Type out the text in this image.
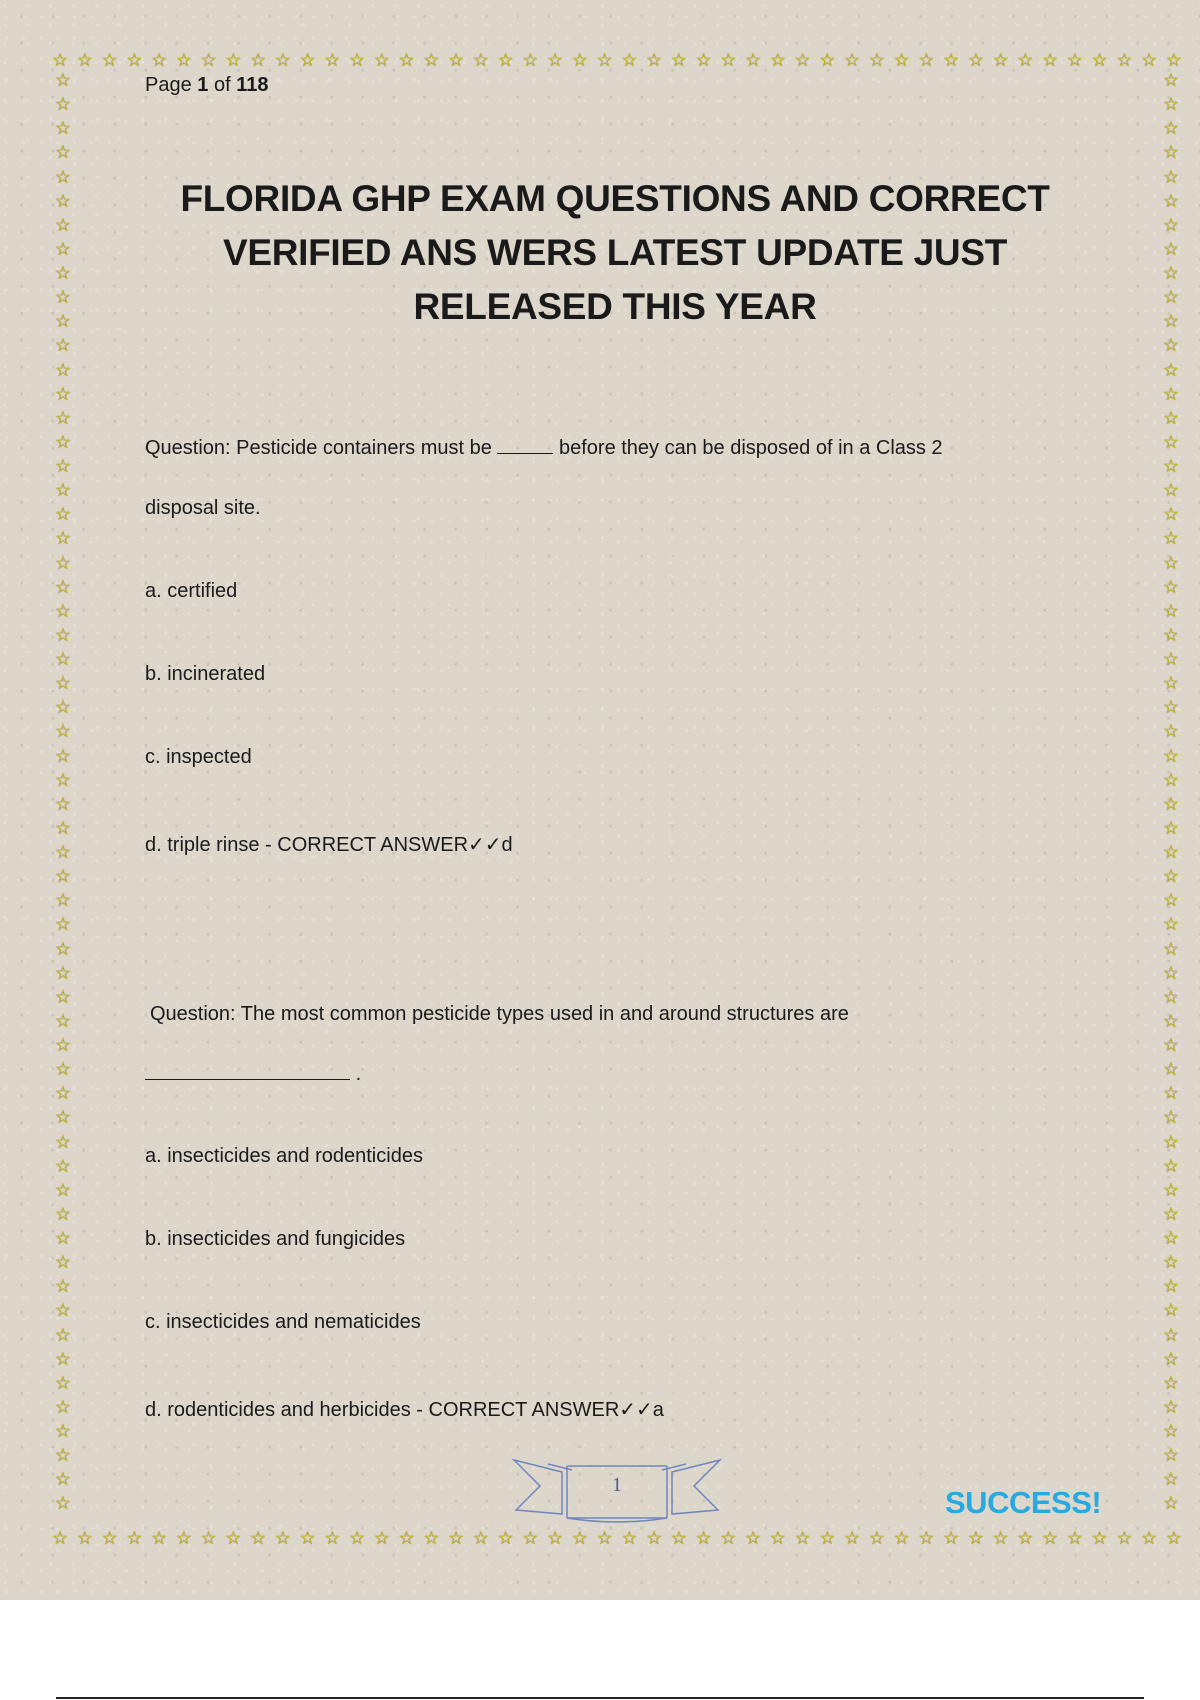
☆ ☆ ☆ ☆ ☆ ☆ ☆ ☆ ☆ ☆ ☆ ☆ ☆ ☆ ☆ ☆ ☆ ☆ ☆ ☆ ☆ ☆ ☆ ☆ ☆ ☆ ☆ ☆ ☆ ☆ ☆ ☆ ☆ ☆ ☆ ☆ ☆ ☆ ☆ ☆ ☆ ☆ ☆ ☆ ☆ ☆
☆ ☆ ☆ ☆ ☆ ☆ ☆ ☆ ☆ ☆ ☆ ☆ ☆ ☆ ☆ ☆ ☆ ☆ ☆ ☆ ☆ ☆ ☆ ☆ ☆ ☆ ☆ ☆ ☆ ☆ ☆ ☆ ☆ ☆ ☆ ☆ ☆ ☆ ☆ ☆ ☆ ☆ ☆ ☆ ☆ ☆
☆
☆
☆
☆
☆
☆
☆
☆
☆
☆
☆
☆
☆
☆
☆
☆
☆
☆
☆
☆
☆
☆
☆
☆
☆
☆
☆
☆
☆
☆
☆
☆
☆
☆
☆
☆
☆
☆
☆
☆
☆
☆
☆
☆
☆
☆
☆
☆
☆
☆
☆
☆
☆
☆
☆
☆
☆
☆
☆
☆
☆
☆
☆
☆
☆
☆
☆
☆
☆
☆
☆
☆
☆
☆
☆
☆
☆
☆
☆
☆
☆
☆
☆
☆
☆
☆
☆
☆
☆
☆
☆
☆
☆
☆
☆
☆
☆
☆
☆
☆
☆
☆
☆
☆
☆
☆
☆
☆
☆
☆
☆
☆
☆
☆
☆
☆
☆
☆
☆
☆
Page 1 of 118
FLORIDA GHP EXAM QUESTIONS AND CORRECT
VERIFIED ANS WERS LATEST UPDATE JUST
RELEASED THIS YEAR
Question: Pesticide containers must be	before they can be disposed of in a Class 2
disposal site.
a. certified
b. incinerated
c. inspected
d. triple rinse - CORRECT ANSWER✓✓d
Question: The most common pesticide types used in and around structures are
.
a. insecticides and rodenticides
b. insecticides and fungicides
c. insecticides and nematicides
d. rodenticides and herbicides - CORRECT ANSWER✓✓a
1	SUCCESS!
